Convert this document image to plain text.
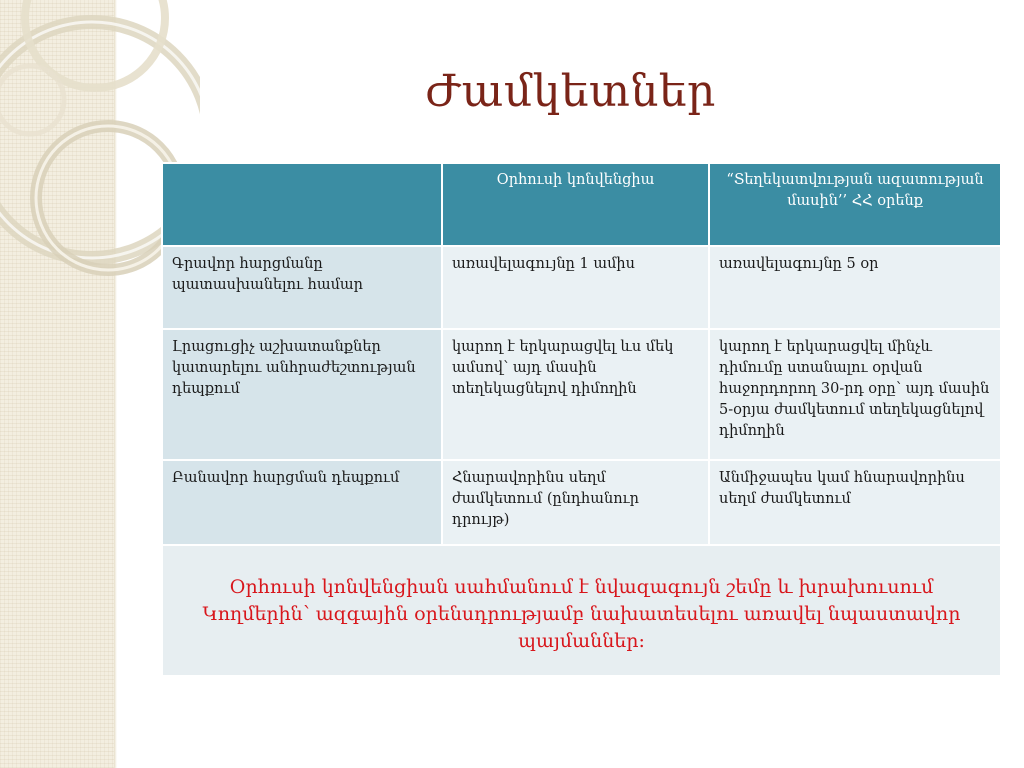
Ժամկետներ
	Օրհուսի կոնվենցիա	“Տեղեկատվության ազատության մասին’’ ՀՀ օրենք
Գրավոր հարցմանը պատասխանելու համար	առավելագույնը 1 ամիս	առավելագույնը 5 օր
Լրացուցիչ աշխատանքներ կատարելու անհրաժեշտության դեպքում	կարող է երկարացվել ևս մեկ ամսով՝ այդ մասին տեղեկացնելով դիմողին	կարող է երկարացվել մինչև դիմումը ստանալու օրվան հաջորդորող 30-րդ օրը՝ այդ մասին 5-օրյա ժամկետում տեղեկացնելով դիմողին
Բանավոր հարցման դեպքում	Հնարավորինս սեղմ ժամկետում (ընդհանուր դրույթ)	Անմիջապես կամ հնարավորինս սեղմ ժամկետում
Օրհուսի կոնվենցիան սահմանում է նվազագույն շեմը և խրախուսում Կողմերին՝ ազգային օրենսդրությամբ նախատեսելու առավել նպաստավոր պայմաններ:		
